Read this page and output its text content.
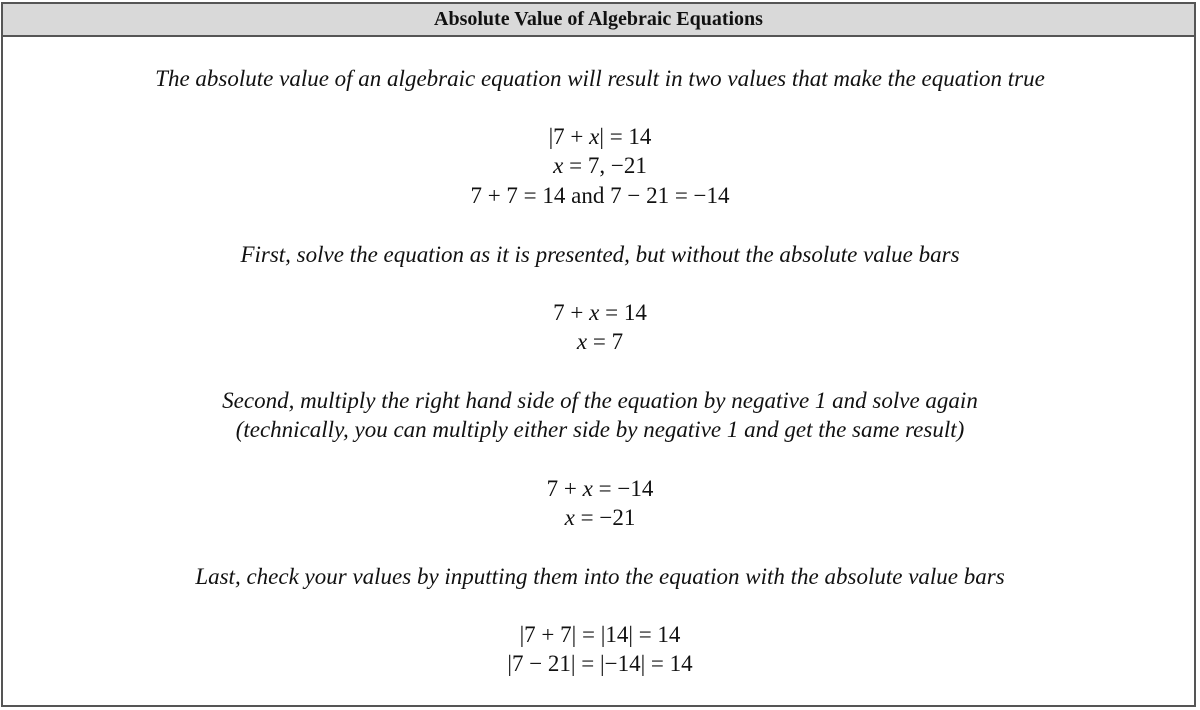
Absolute Value of Algebraic Equations
The absolute value of an algebraic equation will result in two values that make the equation true
|7 + x| = 14
x = 7, −21
7 + 7 = 14 and 7 − 21 = −14
First, solve the equation as it is presented, but without the absolute value bars
7 + x = 14
x = 7
Second, multiply the right hand side of the equation by negative 1 and solve again
(technically, you can multiply either side by negative 1 and get the same result)
7 + x = −14
x = −21
Last, check your values by inputting them into the equation with the absolute value bars
|7 + 7| = |14| = 14
|7 − 21| = |−14| = 14
